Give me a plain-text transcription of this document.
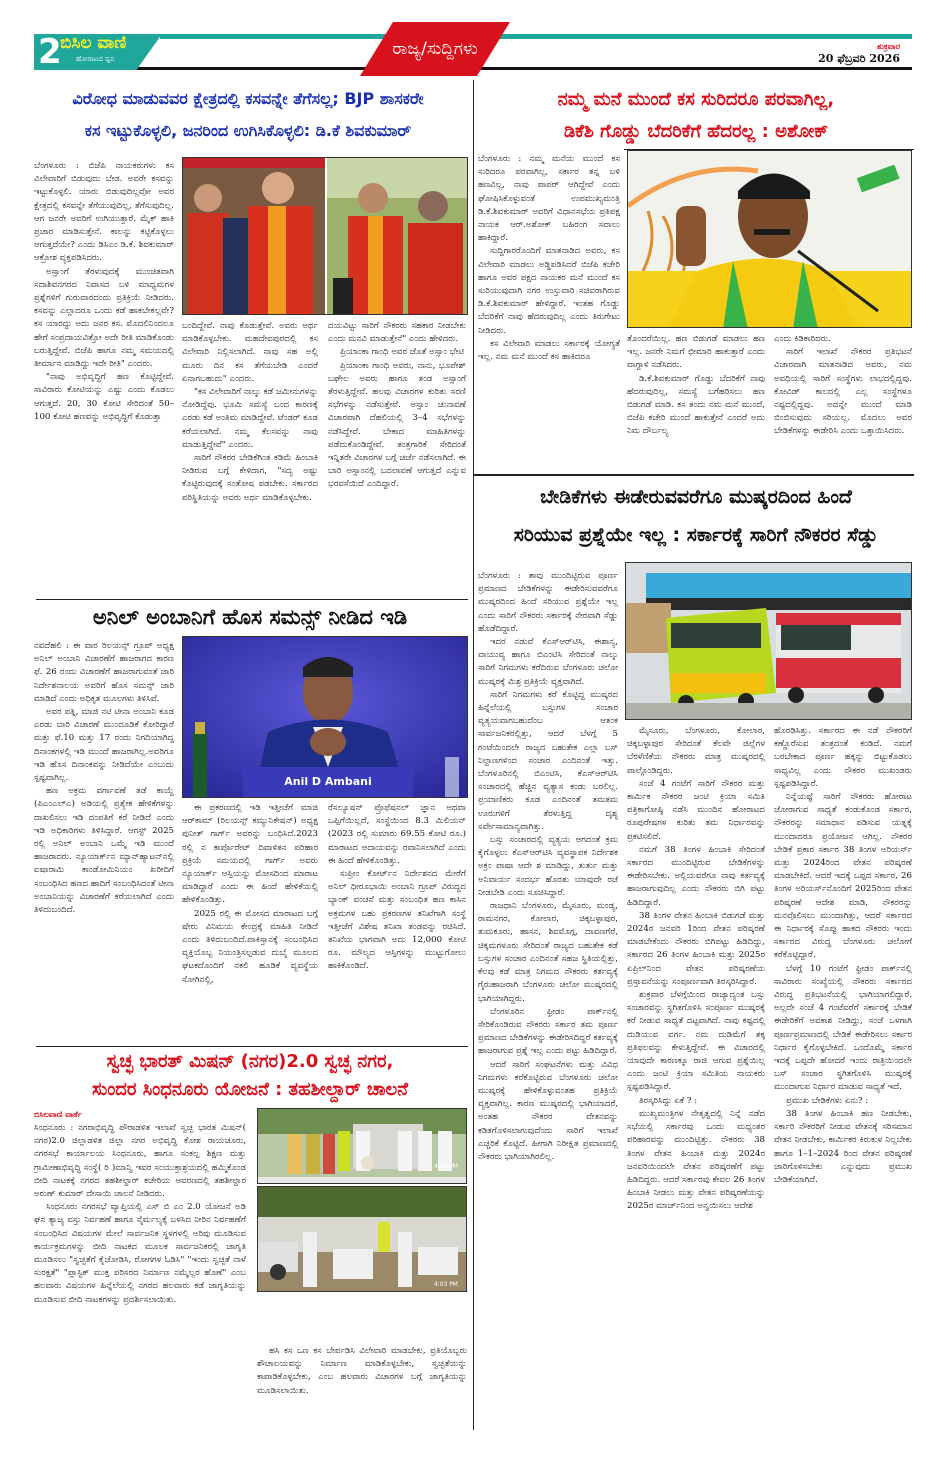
2
ಬಿಸಿಲ ವಾಣಿ
ಹೋರಾಟದ ಧ್ವನಿ	ರಾಜ್ಯ/ಸುದ್ದಿಗಳು	ಶುಕ್ರವಾರ
20 ಫೆಬ್ರವರಿ 2026
ವಿರೋಧ ಮಾಡುವವರ ಕ್ಷೇತ್ರದಲ್ಲಿ ಕಸವನ್ನೇ ತೆಗೆಸಲ್ಲ; BJP ಶಾಸಕರೇ
ಕಸ ಇಟ್ಟುಕೊಳ್ಳಲಿ, ಜನರಿಂದ ಉಗಿಸಿಕೊಳ್ಳಲಿ: ಡಿ.ಕೆ ಶಿವಕುಮಾರ್

ಬೆಂಗಳೂರು : ಬಿಜೆಪಿ ನಾಯಕರುಗಳು ಕಸ ವಿಲೇವಾರಿಗೆ ಬಿಡುವುದು ಬೇಡ. ಅವರೇ ಕಸವನ್ನು ಇಟ್ಟುಕೊಳ್ಳಲಿ. ಯಾರು ಬಿಡುವುದಿಲ್ಲವೋ ಅವರ ಕ್ಷೇತ್ರದಲ್ಲಿ ಕಸವನ್ನೇ ತೆಗೆಯುವುದಿಲ್ಲ, ತೆಗೆಸುವುದಿಲ್ಲ. ಆಗ ಜನರೇ ಅವರಿಗೆ ಉಗಿಯುತ್ತಾರೆ. ಮೈಕ್ ಹಾಕಿ ಪ್ರಚಾರ ಮಾಡಿಸುತ್ತೇನೆ. ಕಾಲನ್ನು ಕಟ್ಟಿಕೊಳ್ಳಲು ಆಗುತ್ತದೆಯೇ? ಎಂದು ಡಿಸಿಎಂ ಡಿ.ಕೆ. ಶಿವಕುಮಾರ್ ಆಕ್ರೋಶ ವ್ಯಕ್ತಪಡಿಸಿದರು.

ಅಸ್ಸಾಂಗೆ ತೆರಳುವುದಕ್ಕೆ ಮುಂಚಿತವಾಗಿ ಸದಾಶಿವನಗರದ ನಿವಾಸದ ಬಳಿ ಮಾಧ್ಯಮಗಳ ಪ್ರಶ್ನೆಗಳಿಗೆ ಗುರುವಾರದಂದು ಪ್ರತಿಕ್ರಿಯೆ ನೀಡಿದರು. ಕಸವನ್ನು ಎಲ್ಲಾದರೂ ಒಂದು ಕಡೆ ಹಾಕಬೇಕಲ್ಲವೇ? ಕಸ ಯಾರದ್ದು ಅದು ಜನರ ಕಸ. ಮೊದಲಿನಿಂದಲೂ ಹೇಗೆ ಸಂಪ್ರದಾಯವಿತ್ತೋ ಅದೇ ರೀತಿ ಮಾಡಿಕೊಂಡು ಬರುತ್ತಿದ್ದೇವೆ. ಬಿಜೆಪಿ ಹಾಗೂ ನಮ್ಮ ಸಮಯದಲ್ಲಿ ತೀರ್ಮಾನ ಮಾಡಿದ್ದು ಇದೇ ರೀತಿ" ಎಂದರು.

"ನಾವು ಅಭಿವೃದ್ಧಿಗೆ ಹಣ ಕೊಟ್ಟಿದ್ದೇವೆ. ಸಾವಿರಾರು ಕೋಟಿಯನ್ನು ಎಷ್ಟು ಎಂದು ಕೊಡಲು ಆಗುತ್ತದೆ. 20, 30 ಕೋಟಿ ಸೇರಿದಂತೆ 50– 100 ಕೋಟಿ ಹಣವನ್ನು ಅಭಿವೃದ್ಧಿಗೆ ಕೊಡುತ್ತಾ

ಬಂದಿದ್ದೇವೆ. ನಾವು ಕೊಡುತ್ತೇವೆ. ಅವರು ಅರ್ಥ ಮಾಡಿಕೊಳ್ಳಬೇಕು. ಮಹದೇವಪುರದಲ್ಲಿ ಕಸ ವಿಲೇವಾರಿ ನಿಲ್ಲಿಸಲಾಗಿದೆ. ನಾವು ಸಹ ಅಲ್ಲಿ ಮೂರು ದಿನ ಕಸ ತೆಗೆಯಬೇಡಿ ಎಂದರೆ ಏನಾಗಬಹುದು" ಎಂದರು.

"ಕಸ ವಿಲೇವಾರಿಗೆ ನಾಲ್ಕು ಕಡೆ ಜಮೀನುಗಳನ್ನು ನೋಡಿದ್ದೆವು. ಭೂಮಿ ಸಮಸ್ಯೆ ಬಂದ ಕಾರಣಕ್ಕೆ ಎರಡು ಕಡೆ ಅಂತಿಮ ಮಾಡಿದ್ದೇವೆ. ಟೆಂಡರ್ ಕೂಡ ಕರೆಯಲಾಗಿದೆ. ನಮ್ಮ ಕೆಲಸವನ್ನು ನಾವು ಮಾಡುತ್ತಿದ್ದೇವೆ" ಎಂದರು.

ಸಾರಿಗೆ ನೌಕರರ ಬೇಡಿಕೆಗಿಂತ ಕಡಿಮೆ ಹಿಂಬಾಕಿ ನೀಡಿರುವ ಬಗ್ಗೆ ಕೇಳಿದಾಗ, "ಸದ್ಯ ಅಷ್ಟು ಕೊಟ್ಟಿರುವುದಕ್ಕೆ ಸಂತೋಷ ಪಡಬೇಕು. ಸರ್ಕಾರದ ಪರಿಸ್ಥಿತಿಯನ್ನು ಅವರು ಅರ್ಥ ಮಾಡಿಕೊಳ್ಳಬೇಕು.

ದಯವಿಟ್ಟು ಸಾರಿಗೆ ನೌಕರರು ಸಹಕಾರ ನೀಡಬೇಕು ಎಂದು ಮನವಿ ಮಾಡುತ್ತೇನೆ" ಎಂದು ಹೇಳಿದರು.

ಪ್ರಿಯಾಂಕಾ ಗಾಂಧಿ ಅವರ ಜೊತೆ ಅಸ್ಸಾಂ ಭೇಟಿ

ಪ್ರಿಯಾಂಕಾ ಗಾಂಧಿ ಅವರು, ನಾನು, ಭೂಪೇಶ್ ಬಘೇಲ ಅವರು ಹಾಗೂ ತಂಡ ಅಸ್ಸಾಂಗೆ ತೆರಳುತ್ತಿದ್ದೇವೆ. ಹಲವು ವಿಚಾರಗಳ ಕುರಿತು ಸರಣಿ ಸಭೆಗಳನ್ನು ನಡೆಸುತ್ತೇವೆ. ಅಸ್ಸಾಂ ಚುನಾವಣೆ ವಿಚಾರವಾಗಿ ದೆಹಲಿಯಲ್ಲಿ 3–4 ಸಭೆಗಳನ್ನು ನಡೆಸಿದ್ದೇವೆ. ಬೇಕಾದ ಮಾಹಿತಿಗಳನ್ನು ಪಡೆದುಕೊಂಡಿದ್ದೇವೆ. ತಂತ್ರಗಾರಿಕೆ ಸೇರಿದಂತೆ ಇನ್ನಿತರೇ ವಿಚಾರಗಳ ಬಗ್ಗೆ ಚರ್ಚೆ ನಡೆಸಲಾಗಿದೆ. ಈ ಬಾರಿ ಅಸ್ಸಾಂನಲ್ಲಿ ಬದಲಾವಣೆ ಆಗುತ್ತದೆ ಎನ್ನುವ ಭರವಸೆಯಿದೆ ಎಂದಿದ್ದಾರೆ.

ಅನಿಲ್ ಅಂಬಾನಿಗೆ ಹೊಸ ಸಮನ್ಸ್ ನೀಡಿದ ಇಡಿ
Anil D Ambani

ನವದೆಹಲಿ : ಈ ವಾರ ರಿಲಯನ್ಸ್ ಗ್ರೂಪ್ ಅಧ್ಯಕ್ಷ ಅನಿಲ್ ಅಂಬಾನಿ ವಿಚಾರಣೆಗೆ ಹಾಜರಾಗದ ಕಾರಣ ಫೆ. 26 ರಂದು ವಿಚಾರಣೆಗೆ ಹಾಜರಾಗುವಂತೆ ಜಾರಿ ನಿರ್ದೇಶನಾಲಯ ಅವರಿಗೆ ಹೊಸ ಸಮನ್ಸ್ ಜಾರಿ ಮಾಡಿದೆ ಎಂದು ಅಧಿಕೃತ ಮೂಲಗಳು ತಿಳಿಸಿವೆ.

ಅವರ ಪತ್ನಿ, ಮಾಜಿ ನಟಿ ಟೀನಾ ಅಂಬಾನಿ ಕೂಡ ಎರಡು ಬಾರಿ ವಿಚಾರಣೆ ಮುಂದೂಡಿಕೆ ಕೋರಿದ್ದಾರೆ ಮತ್ತು ಫೆ.10 ಮತ್ತು 17 ರಂದು ನಿಗದಿಯಾಗಿದ್ದ ದಿನಾಂಕಗಳಲ್ಲಿ ಇಡಿ ಮುಂದೆ ಹಾಜರಾಗಿಲ್ಲ.ಅವರಿಗೂ ಇಡಿ ಹೊಸ ದಿನಾಂಕವನ್ನು ನೀಡಿದೆಯೇ ಎಂಬುದು ಸ್ಪಷ್ಟವಾಗಿಲ್ಲ.

ಹಣ ಅಕ್ರಮ ವರ್ಗಾವಣೆ ತಡೆ ಕಾಯ್ದೆ (ಪಿಎಂಎಲ್ಎ) ಅಡಿಯಲ್ಲಿ ಪ್ರತ್ಯೇಕ ಹೇಳಿಕೆಗಳನ್ನು ದಾಖಲಿಸಲು ಇಡಿ ದಂಪತಿಗೆ ಕರೆ ನೀಡಿದೆ ಎಂದು ಇಡಿ ಅಧಿಕಾರಿಗಳು ತಿಳಿಸಿದ್ದಾರೆ. ಆಗಸ್ಟ್ 2025 ರಲ್ಲಿ ಅನಿಲ್ ಅಂಬಾನಿ ಒಮ್ಮೆ ಇಡಿ ಮುಂದೆ ಹಾಜರಾದರು. ನ್ಯೂಯಾರ್ಕ್‌ನ ಮ್ಯಾನ್‌ಹ್ಯಾಟನ್‌ನಲ್ಲಿ ಐಷಾರಾಮಿ ಕಾಂಡೋಮಿನಿಯಂ ಖರೀದಿಗೆ ಸಂಬಂಧಿಸಿದ ಹಣದ ಹಾದಿಗೆ ಸಂಬಂಧಿಸಿದಂತೆ ಟೀನಾ ಅಂಬಾನಿಯನ್ನು ವಿಚಾರಣೆಗೆ ಕರೆಯಲಾಗಿದೆ ಎಂದು ತಿಳಿದುಬಂದಿದೆ.

ಈ ಪ್ರಕರಣದಲ್ಲಿ ಇಡಿ ಇತ್ತೀಚೆಗೆ ಮಾಜಿ ಆರ್‌ಕಾಮ್ (ರಿಲಯನ್ಸ್ ಕಮ್ಯುನಿಕೇಷನ್) ಅಧ್ಯಕ್ಷ ಪುನೀತ್ ಗಾರ್ಗ್ ಅವರನ್ನು ಬಂಧಿಸಿದೆ.2023 ರಲ್ಲಿ ನ ಕಾರ್ಪೊರೇಟ್ ದಿವಾಳಿತನ ಪರಿಹಾರ ಪ್ರಕ್ರಿಯೆ ಸಮಯದಲ್ಲಿ ಗಾರ್ಗ್ ಅವರು ನ್ಯೂಯಾರ್ಕ್ ಆಸ್ತಿಯನ್ನು ಮೋಸದಿಂದ ಮಾರಾಟ ಮಾಡಿದ್ದಾರೆ ಎಂದು ಈ ಹಿಂದೆ ಹೇಳಿಕೆಯಲ್ಲಿ ಹೇಳಿಕೊಂಡಿತ್ತು.

2025 ರಲ್ಲಿ ಈ ಮೋಸದ ಮಾರಾಟದ ಬಗ್ಗೆ ಷೇರು ವಿನಿಮಯ ಕೇಂದ್ರಕ್ಕೆ ಮಾಹಿತಿ ನೀಡಿದೆ ಎಂದು ತಿಳಿದುಬಂದಿದೆ.ಪಾಕಿಸ್ತಾನಕ್ಕೆ ಸಂಬಂಧಿಸಿದ ವ್ಯಕ್ತಿಯೊಬ್ಬ ನಿಯಂತ್ರಿಸಲ್ಪಡುವ ದುಬೈ ಮೂಲದ ಘಟಕದೊಂದಿಗೆ ನಕಲಿ ಹೂಡಿಕೆ ವ್ಯವಸ್ಥೆಯ ಸೋಗಿನಲ್ಲಿ,

ರೆಸಲ್ಯೂಷನ್ ಪ್ರೊಫೆಷನಲ್ ಜ್ಞಾನ ಅಥವಾ ಒಪ್ಪಿಗೆಯಿಲ್ಲದೆ, ಸಂಸ್ಥೆಯಿಂದ 8.3 ಮಿಲಿಯನ್ (2023 ರಲ್ಲಿ ಸುಮಾರು 69.55 ಕೋಟಿ ರೂ.) ಮಾರಾಟದ ಆದಾಯವನ್ನು ರವಾನಿಸಲಾಗಿದೆ ಎಂದು ಈ ಹಿಂದೆ ಹೇಳಿಕೊಂಡಿತ್ತು.

ಸುಪ್ರೀಂ ಕೋರ್ಟ್‌ನ ನಿರ್ದೇಶನದ ಮೇರೆಗೆ ಅನಿಲ್ ಧೀರೂಭಾಯಿ ಅಂಬಾನಿ ಗ್ರೂಪ್ ವಿರುದ್ಧದ ಬ್ಯಾಂಕ್ ವಂಚನೆ ಮತ್ತು ಸಂಬಂಧಿತ ಹಣ ಕಾಸಿನ ಅಕ್ರಮಗಳ ಬಹು ಪ್ರಕರಣಗಳ ತನಿಖೆಗಾಗಿ ಸಂಸ್ಥೆ ಇತ್ತೀಚೆಗೆ ವಿಶೇಷ ತನಿಖಾ ತಂಡವನ್ನು ರಚಿಸಿದೆ. ತನಿಖೆಯ ಭಾಗವಾಗಿ ಅದು 12,000 ಕೋಟಿ ರೂ. ಮೌಲ್ಯದ ಆಸ್ತಿಗಳನ್ನು ಮುಟ್ಟುಗೋಲು ಹಾಕಿಕೊಂಡಿದೆ.

ಸ್ವಚ್ಛ ಭಾರತ್ ಮಿಷನ್ (ನಗರ)2.0 ಸ್ವಚ್ಛ ನಗರ,
ಸುಂದರ ಸಿಂಧನೂರು ಯೋಜನೆ : ತಹಶೀಲ್ದಾರ್ ಚಾಲನೆ
ಬಿಸಿಲವಾಣಿ ವಾರ್ತೆ

ಸಿಂಧನೂರು : ನಗರಾಭಿವೃದ್ಧಿ ಪೌರಾಡಳಿತ ಇಲಾಖೆ ಸ್ವಚ್ಛ ಭಾರತ ಮಿಷನ್( ನಗರ)2.0 ಜಿಲ್ಲಾಡಳಿತ ಜಿಲ್ಲಾ ನಗರ ಅಭಿವೃದ್ಧಿ ಕೋಶ ರಾಯಚೂರು, ನಗರಸಭೆ ಕಾರ್ಯಾಲಯ ಸಿಂಧನೂರು, ಹಾಗೂ ಸಂಕಲ್ಪ ಶಿಕ್ಷಣ ಮತ್ತು ಗ್ರಾಮೀಣಾಭಿವೃದ್ಧಿ ಸಂಸ್ಥೆ( ರಿ )ಮಾನ್ವಿ ಇವರ ಸಂಯುಕ್ತಾಶ್ರಯದಲ್ಲಿ ಹಮ್ಮಿಕೊಂಡ ಬೀದಿ ನಾಟಕಕ್ಕೆ ನಗರದ ತಹಶೀಲ್ದಾರ್ ಕಚೇರಿಯ ಆವರಣದಲ್ಲಿ ತಹಶೀಲ್ದಾರ ಅರುಣ್ ಕುಮಾರ್ ದೇಸಾಯಿ ಚಾಲನೆ ನೀಡಿದರು.

ಸಿಂಧನೂರು ನಗರಸಭೆ ವ್ಯಾಪ್ತಿಯಲ್ಲಿ ಎಸ್ ಬಿ ಎಂ 2.0 ಯೋಜನೆ ಅಡಿ ಘನ ತ್ಯಾಜ್ಯ ವಸ್ತು ನಿರ್ವಹಣೆ ಹಾಗೂ ನೈರ್ಮಲ್ಯಕ್ಕೆ ಬಳಸಿದ ನೀರಿನ ನಿರ್ವಹಣೆಗೆ ಸಂಬಂಧಿಸಿದ ವಿಷಯಗಳ ಮೇಲೆ ಸಾರ್ವಜನಿಕ ಸ್ಥಳಗಳಲ್ಲಿ ಅರಿವು ಮೂಡಿಸುವ ಕಾರ್ಯಕ್ರಮಗಳನ್ನು ಬೀದಿ ನಾಟಕದ ಮೂಲಕ ಸಾರ್ವಜನಿಕರಲ್ಲಿ ಜಾಗೃತಿ ಮೂಡಿಸಲು "ಸ್ವಚ್ಛತೆಗೆ ಕೈಜೋಡಿಸಿ, ರೋಗಗಳ ಓಡಿಸಿ" "ಇಂದು ಸ್ವಚ್ಛತೆ ನಾಳೆ ಸುರಕ್ಷತೆ" "ಪ್ಲಾಸ್ಟಿಕ್ ಮುಕ್ತ ಪರಿಸರದ ನಿರ್ಮಾಣ ನಮ್ಮೆಲ್ಲರ ಹೊಣೆ" ಎಂಬ ಹಲವಾರು ವಿಷಯಗಳ ಹಿನ್ನೆಲೆಯಲ್ಲಿ ನಗರದ ಹಲವಾರು ಕಡೆ ಜಾಗೃತಿಯನ್ನು ಮೂಡಿಸುವ ಬೀದಿ ನಾಟಕಗಳನ್ನು ಪ್ರದರ್ಶಿಸಲಾಯಿತು.

4:03 PM
4:03 PM

ಹಸಿ ಕಸ ಒಣ ಕಸ ಬೇರ್ಪಡಿಸಿ ವಿಲೇವಾರಿ ಮಾಡಬೇಕು, ಪ್ರತಿಯೊಬ್ಬರು ಶೌಚಾಲಯವನ್ನು ನಿರ್ಮಾಣ ಮಾಡಿಕೊಳ್ಳಬೇಕು, ಸ್ವಚ್ಛತೆಯನ್ನು ಕಾಪಾಡಿಕೊಳ್ಳಬೇಕು, ಎಂಬ ಹಲವಾರು ವಿಚಾರಗಳ ಬಗ್ಗೆ ಜಾಗೃತಿಯನ್ನು ಮೂಡಿಸಲಾಯಿತು.

ನಮ್ಮ ಮನೆ ಮುಂದೆ ಕಸ ಸುರಿದರೂ ಪರವಾಗಿಲ್ಲ,
ಡಿಕೆಶಿ ಗೊಡ್ಡು ಬೆದರಿಕೆಗೆ ಹೆದರಲ್ಲ : ಅಶೋಕ್

ಬೆಂಗಳೂರು : ನಮ್ಮ ಮನೆಯ ಮುಂದೆ ಕಸ ಸುರಿದರೂ ಪರವಾಗಿಲ್ಲ, ಸರ್ಕಾರ ತನ್ನ ಬಳಿ ಹಣವಿಲ್ಲ, ನಾವು ಪಾಪರ್ ಆಗಿದ್ದೇವೆ ಎಂದು ಘೋಷಿಸಿಕೊಳ್ಳುವಂತೆ ಉಪಮುಖ್ಯಮಂತ್ರಿ ಡಿ.ಕೆ.ಶಿವಕುಮಾರ್ ಅವರಿಗೆ ವಿಧಾನಸಭೆಯ ಪ್ರತಿಪಕ್ಷ ನಾಯಕ ಆರ್.ಅಶೋಕ್ ಬಹಿರಂಗ ಸವಾಲು ಹಾಕಿದ್ದಾರೆ.

ಸುದ್ದಿಗಾರರೊಂದಿಗೆ ಮಾತನಾಡಿದ ಅವರು, ಕಸ ವಿಲೇವಾರಿ ಮಾಡಲು ಅಡ್ಡಿಪಡಿಸಿದರೆ ಬಿಜೆಪಿ ಕಚೇರಿ ಹಾಗೂ ಅವರ ಪಕ್ಷದ ನಾಯಕರ ಮನೆ ಮುಂದೆ ಕಸ ಸುರಿಯುವುದಾಗಿ ನಗರ ಉಸ್ತುವಾರಿ ಸಚಿವರಾಗಿರುವ ಡಿ.ಕೆ.ಶಿವಕುಮಾರ್ ಹೇಳಿದ್ದಾರೆ. ಇಂತಹ ಗೊಡ್ಡು ಬೆದರಿಕೆಗೆ ನಾವು ಹೆದರುವುದಿಲ್ಲ ಎಂದು ತಿರುಗೇಟು ನೀಡಿದರು.

ಕಸ ವಿಲೇವಾರಿ ಮಾಡಲು ಸರ್ಕಾರಕ್ಕೆ ಯೋಗ್ಯತೆ ಇಲ್ಲ. ನಮ ಮನೆ ಮುಂದೆ ಕಸ ಹಾಕಿದರೂ

ತೊಂದರೆಯಿಲ್ಲ. ಹಣ ಬಿಡುಗಡೆ ಮಾಡಲು ಹಣ ಇಲ್ಲ. ಜನರೇ ನಿಮಗೆ ಛೀಮಾರಿ ಹಾಕುತ್ತಾರೆ ಎಂದು ವಾಗ್ದಾಳಿ ನಡೆಸಿದರು.

ಡಿ.ಕೆ.ಶಿವಕುಮಾರ್ ಗೊಡ್ಡು ಬೆದರಿಕೆಗೆ ನಾವು ಹೆದರುವುದಿಲ್ಲ, ಸಮಸ್ಯೆ ಬಗೆಹರಿಸಲು ಹಣ ಬಿಡುಗಡೆ ಮಾಡಿ. ಕಸ ತಂದು ನಮ ಮನೆ ಮುಂದೆ, ಬಿಜೆಪಿ ಕಚೇರಿ ಮುಂದೆ ಹಾಕುತ್ತೇನೆ ಎಂದರೆ ಅದು ನಿಮ ದೌರ್ಬಲ್ಯ

ಎಂದು ಕಿಡಿಕಾರಿದರು.

ಸಾರಿಗೆ ಇಲಾಖೆ ನೌಕರರ ಪ್ರತಿಭಟನೆ ವಿಚಾರವಾಗಿ ಮಾತನಾಡಿದ ಅವರು, ನಮ ಅವಧಿಯಲ್ಲಿ ಸಾರಿಗೆ ಸಂಸ್ಥೆಗಳು ಲಾಭದಲ್ಲಿದ್ದವು. ಕೋವಿಡ್ ಕಾಲದಲ್ಲಿ ಎಲ್ಲ ಸಂಸ್ಥೆಗಳೂ ನಷ್ಟದಲ್ಲಿದ್ದವು. ಅದನ್ನೇ ಮುಂದೆ ಮಾಡಿ ಬಿಂಬಿಸುವುದು ಸರಿಯಲ್ಲ. ಮೊದಲು ಅವರ ಬೇಡಿಕೆಗಳನ್ನು ಈಡೇರಿಸಿ ಎಂದು ಒತ್ತಾಯಿಸಿದರು.

ಬೇಡಿಕೆಗಳು ಈಡೇರುವವರೆಗೂ ಮುಷ್ಕರದಿಂದ ಹಿಂದೆ
ಸರಿಯುವ ಪ್ರಶ್ನೆಯೇ ಇಲ್ಲ : ಸರ್ಕಾರಕ್ಕೆ ಸಾರಿಗೆ ನೌಕರರ ಸೆಡ್ಡು

ಬೆಂಗಳೂರು : ತಾವು ಮುಂದಿಟ್ಟಿರುವ ಪೂರ್ಣ ಪ್ರಮಾಣದ ಬೇಡಿಕೆಗಳನ್ನು ಈಡೇರಿಸುವವರೆಗೂ ಮುಷ್ಕರದಿಂದ ಹಿಂದೆ ಸರಿಯುವ ಪ್ರಶ್ನೆಯೇ ಇಲ್ಲ ಎಂದು ಸಾರಿಗೆ ನೌಕರರು ಸರ್ಕಾರಕ್ಕೆ ನೇರವಾಗಿ ಸೆಡ್ಡು ಹೊಡೆದಿದ್ದಾರೆ.

ಇದರ ನಡುವೆ ಕೆಎಸ್‌ಆರ್‌ಟಿಸಿ, ಈಶಾನ್ಯ, ವಾಯುವ್ಯ ಹಾಗೂ ಬಿಎಂಟಿಸಿ ಸೇರಿದಂತೆ ನಾಲ್ಕು ಸಾರಿಗೆ ನಿಗಮಗಳು ಕರೆದಿರುವ ಬೆಂಗಳೂರು ಚಲೋ ಮುಷ್ಕರಕ್ಕೆ ಮಿಶ್ರ ಪ್ರತಿಕ್ರಿಯೆ ವ್ಯಕ್ತವಾಗಿದೆ.

ಸಾರಿಗೆ ನಿಗಮಗಳು ಕರೆ ಕೊಟ್ಟಿದ್ದ ಮುಷ್ಕರದ ಹಿನ್ನೆಲೆಯಲ್ಲಿ ಬಸ್ಸುಗಳ ಸಂಚಾರ ವ್ಯತ್ಯಯವಾಗಬಹುದೆಂಬ ಆತಂಕ ಸಾರ್ವಜನಿಕರಲ್ಲಿತ್ತು, ಆದರೆ ಬೆಳಗ್ಗೆ 5 ಗಂಟೆಯಿಂದಲೇ ರಾಜ್ಯದ ಬಹುತೇಕ ಎಲ್ಲಾ ಬಸ್ ನಿಲ್ದಾಣಗಳಿಂದ ಸಂಚಾರ ಎಂದಿನಂತೆ ಇತ್ತು. ಬೆಂಗಳೂರಿನಲ್ಲಿ ಬಿಎಂಟಿಸಿ, ಕೆಎಸ್‌ಆರ್‌ಟಿಸಿ ಸಂಚಾರದಲ್ಲಿ ಹೆಚ್ಚಿನ ವ್ಯತ್ಯಾಸ ಕಂಡು ಬರಲಿಲ್ಲ. ಪ್ರಯಾಣಿಕರು ಕೂಡ ಎಂದಿನಂತೆ ತಮತಮ ಊರುಗಳಿಗೆ ತೆರಳುತ್ತಿದ್ದ ದೃಶ್ಯ ಸರ್ವೇಸಾಮಾನ್ಯವಾಗಿತ್ತು.

ಬಸ್ಸು ಸಂಚಾರದಲ್ಲಿ ವ್ಯತ್ಯಯ ಆಗದಂತೆ ಕ್ರಮ ಕೈಗೊಳ್ಳಲು ಕೆಎಸ್‌ಆರ್‌ಟಿಸಿ ವ್ಯವಸ್ಥಾಪಕ ನಿರ್ದೇಶಕ ಅಕ್ರಂ ಪಾಷಾ ಆದೇ ಶ ಮಾಡಿದ್ದು, ತುರ್ತು ಮತ್ತು ಅನಿವಾರ್ಯ ಸಂದರ್ಭ ಹೊರತು ಯಾವುದೇ ರಜೆ ನೀಡಬೇಡಿ ಎಂದು ಸೂಚಿಸಿದ್ದಾರೆ.

ರಾಜಧಾನಿ ಬೆಂಗಳೂರು, ಮೈಸೂರು, ಮಂಡ್ಯ, ರಾಮನಗರ, ಕೋಲಾರ, ಚಿಕ್ಕಬಳ್ಳಾಪುರ, ತುಮಕೂರು, ಹಾಸನ, ಶಿವಮೊಗ್ಗ, ದಾವಣಗೆರೆ, ಚಿಕ್ಕಮಗಳೂರು ಸೇರಿದಂತೆ ರಾಜ್ಯದ ಬಹುತೇಕ ಕಡೆ ಬಸ್ಸುಗಳ ಸಂಚಾರ ಎಂದಿನಂತೆ ಸಹಜ ಸ್ಥಿತಿಯಲ್ಲಿತ್ತು, ಕೆಲವು ಕಡೆ ಮಾತ್ರ ನಿಗಮದ ನೌಕರರು ಕರ್ತವ್ಯಕ್ಕೆ ಗೈರುಹಾಜರಾಗಿ ಬೆಂಗಳೂರು ಚಲೋ ಮುಷ್ಕರದಲ್ಲಿ ಭಾಗಿಯಾಗಿದ್ದರು.

ಬೆಂಗಳೂರಿನ ಫ್ರೀಡಂ ಪಾರ್ಕ್‌ನಲ್ಲಿ ಸೇರಿಕೊಂಡಿರುವ ನೌಕರರು ಸರ್ಕಾರ ತಮ ಪೂರ್ಣ ಪ್ರಮಾಣದ ಬೇಡಿಕೆಗಳನ್ನು ಈಡೇರಿಸದಿದ್ದರೆ ಕರ್ತವ್ಯಕ್ಕೆ ಹಾಜರಾಗುವ ಪ್ರಶ್ನೆ ಇಲ್ಲ ಎಂದು ಪಟ್ಟು ಹಿಡಿದಿದ್ದಾರೆ.

ಆದರೆ ಸಾರಿಗೆ ಸಂಘಟನೆಗಳು ಮತ್ತು ವಿವಿಧ ನಿಗಮಗಳು ಕರೆಕೊಟ್ಟಿರುವ ಬೆಂಗಳೂರು ಚಲೋ ಮುಷ್ಕರಕ್ಕೆ ಹೇಳಿಕೊಳ್ಳುವಂತಹ ಪ್ರತಿಕ್ರಿಯೆ ವ್ಯಕ್ತವಾಗಿಲ್ಲ. ಕಾರಣ ಮುಷ್ಕರದಲ್ಲಿ ಭಾಗಿಯಾದರೆ, ಅಂತಹ ನೌಕರರ ವೇತನವನ್ನು ಕಡಿತಗೊಳಿಸಲಾಗುವುದೆಂದು ಸಾರಿಗೆ ಇಲಾಖೆ ಎಚ್ಚರಿಕೆ ಕೊಟ್ಟಿದೆ. ಹೀಗಾಗಿ ನಿರೀಕ್ಷಿತ ಪ್ರಮಾಣದಲ್ಲಿ ನೌಕರರು ಭಾಗಿಯಾಗಿರಲಿಲ್ಲ.

ಮೈಸೂರು, ಬೆಂಗಳೂರು, ಕೋಲಾರ, ಚಿಕ್ಕಬಳ್ಳಾಪುರ ಸೇರಿದಂತೆ ಕೆಲವೇ ಜಿಲ್ಲೆಗಳ ಬೆರಳೆಣಿಕೆಯ ನೌಕರರು ಮಾತ್ರ ಮುಷ್ಕರದಲ್ಲಿ ಪಾಲ್ಗೊಂಡಿದ್ದರು.

ಸಂಜೆ 4 ಗಂಟೆಗೆ ಸಾರಿಗೆ ನೌಕರರ ಮತ್ತು ಕಾರ್ಮಿಕ ನೌಕರರ ಜಂಟಿ ಕ್ರಿಯಾ ಸಮಿತಿ ಪತ್ರಿಕಾಗೋಷ್ಠಿ ನಡೆಸಿ ಮುಂದಿನ ಹೋರಾಟದ ರೂಪುರೇಷಗಳ ಕುರಿತು ತಮ ನಿರ್ಧಾರವನ್ನು ಪ್ರಕಟಿಸಲಿದೆ.

ನಮಗೆ 38 ತಿಂಗಳ ಹಿಂಬಾಕಿ ಸೇರಿದಂತೆ ಸರ್ಕಾರದ ಮುಂದಿಟ್ಟಿರುವ ಬೇಡಿಕೆಗಳನ್ನು ಈಡೇರಿಸಬೇಕು. ಅಲ್ಲಿಯವರೆಗೂ ನಾವು ಕರ್ತವ್ಯಕ್ಕೆ ಹಾಜರಾಗುವುದಿಲ್ಲ ಎಂದು ನೌಕರರು ಬಿಗಿ ಪಟ್ಟು ಹಿಡಿದಿದ್ದಾರೆ.

38 ತಿಂಗಳ ವೇತನ ಹಿಂಬಾಕಿ ಬಿಡುಗಡೆ ಮತ್ತು 2024ರ ಜನವರಿ 1ರಿಂದ ವೇತನ ಪರಿಷ್ಕರಣೆ ಮಾಡಬೇಕೆಂದು ನೌಕರರು ಬಿಗಿಪಟ್ಟು ಹಿಡಿದಿದ್ದು, ಸರ್ಕಾರದ 26 ತಿಂಗಳ ಹಿಂಬಾಕಿ ಮತ್ತು 2025ರ ಏಪ್ರಿಲ್‌ನಿಂದ ವೇತನ ಪರಿಷ್ಕರಣೆಯ ಪ್ರಸ್ತಾವನೆಯನ್ನು ಸಂಪೂರ್ಣವಾಗಿ ತಿರಸ್ಕರಿಸಿದ್ದಾರೆ.

ಶುಕ್ರವಾರ ಬೆಳಗ್ಗೆಯಿಂದ ರಾಜ್ಯಾದ್ಯಂತ ಬಸ್ಸು ಸಂಚಾರವನ್ನು ಸ್ಥಗಿತಗೊಳಿಸಿ ಸಂಪೂರ್ಣ ಮುಷ್ಕರಕ್ಕೆ ಕರೆ ನೀಡುವ ಸಾಧ್ಯತೆ ದಟ್ಟವಾಗಿದೆ. ನಾವು ಕಷ್ಟದಲ್ಲಿ ದುಡಿಯುವ ವರ್ಗ. ನಮ ದುಡಿಮೆಗೆ ತಕ್ಕ ಪ್ರತಿಫಲವನ್ನು ಕೇಳುತ್ತಿದ್ದೇವೆ. ಈ ವಿಚಾರದಲ್ಲಿ ಯಾವುದೇ ಕಾರಣಕ್ಕೂ ರಾಜಿ ಆಗುವ ಪ್ರಶ್ನೆಯಿಲ್ಲ ಎಂದು ಜಂಟಿ ಕ್ರಿಯಾ ಸಮಿತಿಯ ನಾಯಕರು ಸ್ಪಷ್ಟಪಡಿಸಿದ್ದಾರೆ.

ತಿರಸ್ಕರಿಸಿದ್ದು ಏಕೆ ? :

ಮುಖ್ಯಮಂತ್ರಿಗಳ ನೇತೃತ್ವದಲ್ಲಿ ನಿನ್ನೆ ನಡೆದ ಸಭೆಯಲ್ಲಿ ಸರ್ಕಾರವು ಒಂದು ಮಧ್ಯಂತರ ಪರಿಹಾರವನ್ನು ಮುಂದಿಟ್ಟಿತ್ತು. ನೌಕರರು 38 ತಿಂಗಳ ವೇತನ ಹಿಂಬಾಕಿ ಮತ್ತು 2024ರ ಜನವರಿಯಿಂದಲೇ ವೇತನ ಪರಿಷ್ಕರಣೆಗೆ ಪಟ್ಟು ಹಿಡಿದಿದ್ದರು. ಆದರೆ ಸರ್ಕಾರವು ಕೇವಲ 26 ತಿಂಗಳ ಹಿಂಬಾಕಿ ನೀಡಲು ಮತ್ತು ವೇತನ ಪರಿಷ್ಕರಣೆಯನ್ನು 2025ರ ಮಾರ್ಚ್‌ನಿಂದ ಅನ್ವಯಿಸಲು ಆದೇಶ

ಹೊರಡಿಸಿತ್ತು. ಸರ್ಕಾರದ ಈ ನಡೆ ನೌಕರರಿಗೆ ಕಣ್ಣೊರೆಸುವ ತಂತ್ರದಂತೆ ಕಂಡಿದೆ. ನಮಗೆ ಬರಬೇಕಾದ ಪೂರ್ಣ ಹಕ್ಕನ್ನು ಬಿಟ್ಟುಕೊಡಲು ಸಾಧ್ಯವಿಲ್ಲ ಎಂದು ನೌಕರರ ಮುಖಂಡರು ಸ್ಪಷ್ಟಪಡಿಸಿದ್ದಾರೆ.

ನಿನ್ನೆಯಷ್ಟೆ ಸಾರಿಗೆ ನೌಕರರು ಹೋರಾಟ ಜೋರಾಗುವ ಸಾಧ್ಯತೆ ಕಂಡುಕೊಂಡ ಸರ್ಕಾರ, ನೌಕರರನ್ನು ಸಮಾಧಾನ ಪಡಿಸುವ ಯತ್ನಕ್ಕೆ ಮುಂದಾದರೂ ಪ್ರಯೋಜನ ಆಗಿಲ್ಲ. ನೌಕರರ ಬೇಡಿಕೆ ಪ್ರಕಾರ ಸರ್ಕಾರ 38 ತಿಂಗಳ ಅರಿಯರ್ಸ್ ಮತ್ತು 2024ರಿಂದ ವೇತನ ಪರಿಷ್ಕರಣೆ ಮಾಡಬೇಕಿದೆ. ಆದರೆ ಇದಕ್ಕೆ ಒಪ್ಪದ ಸರ್ಕಾರ, 26 ತಿಂಗಳ ಅರಿಯರ್ಸ್‌ನೊಂದಿಗೆ 2025ರಿಂದ ವೇತನ ಪರಿಷ್ಕರಣೆ ಆದೇಶ ಮಾಡಿ, ನೌಕರರನ್ನು ಮನವೊಲಿಸಲು ಮುಂದಾಗಿತ್ತು, ಆದರೆ ಸರ್ಕಾರದ ಈ ನಿರ್ಧಾರಕ್ಕೆ ಸೊಪ್ಪು ಹಾಕದ ನೌಕರರು ಇಂದು ಸರ್ಕಾರದ ವಿರುದ್ಧ ಬೆಂಗಳೂರು ಚಲೋಗೆ ಕರೆಕೊಟ್ಟಿದ್ದಾರೆ.

ಬೆಳಗ್ಗೆ 10 ಗಂಟೆಗೆ ಫ್ರೀಡಂ ಪಾರ್ಕ್‌ನಲ್ಲಿ ಸಾವಿರಾರು ಸಂಖ್ಯೆಯಲ್ಲಿ ನೌಕರರು ಸರ್ಕಾರದ ವಿರುದ್ಧ ಪ್ರತಿಭಟನೆಯಲ್ಲಿ ಭಾಗಿಯಾಗಲಿದ್ದಾರೆ. ಅಲ್ಲದೇ ಸಂಜೆ 4 ಗಂಟೆವರೆಗೆ ಸರ್ಕಾರಕ್ಕೆ ಬೇಡಿಕೆ ಈಡೇರಿಕೆಗೆ ಅವಕಾಶ ನೀಡಿದ್ದು, ಸಂಜೆ ಒಳಗಾಗಿ ಪೂರ್ಣಪ್ರಮಾಣದಲ್ಲಿ ಬೇಡಿಕೆ ಈಡೇರಿಸಲು ಸರ್ಕಾರ ನಿರ್ಧಾರ ಕೈಗೊಳ್ಳಬೇಕಿದೆ. ಒಂದೊಮ್ಮೆ ಸರ್ಕಾರ ಇದಕ್ಕೆ ಒಪ್ಪದೇ ಹೋದರೆ ಇಂದು ರಾತ್ರಿಯಿಂದಲೇ ಬಸ್ ಸಂಚಾರ ಸ್ಥಗಿತಗೊಳಿಸಿ ಮುಷ್ಕರಕ್ಕೆ ಮುಂದಾಗುವ ನಿರ್ಧಾರ ಮಾಡುವ ಸಾಧ್ಯತೆ ಇದೆ.

ಪ್ರಮುಖ ಬೇಡಿಕೆಗಳು ಏನು? :

38 ತಿಂಗಳ ಹಿಂಬಾಕಿ ಹಣ ನೀಡಬೇಕು, ಸರ್ಕಾರಿ ನೌಕರರಿಗೆ ನೀಡುವ ವೇತನಕ್ಕೆ ಸರಿಸಮಾನ ವೇತನ ನೀಡಬೇಕು, ಕಾರ್ಮಿಕರ ಕಿರುಕುಳ ನಿಲ್ಲಬೇಕು ಹಾಗೂ 1–1–2024 ರಿಂದ ವೇತನ ಪರಿಷ್ಕರಣೆ ಜಾರಿಗೊಳಿಸಬೇಕು ಎನ್ನುವುದು ಪ್ರಮುಖ ಬೇಡಿಕೆಯಾಗಿದೆ.
